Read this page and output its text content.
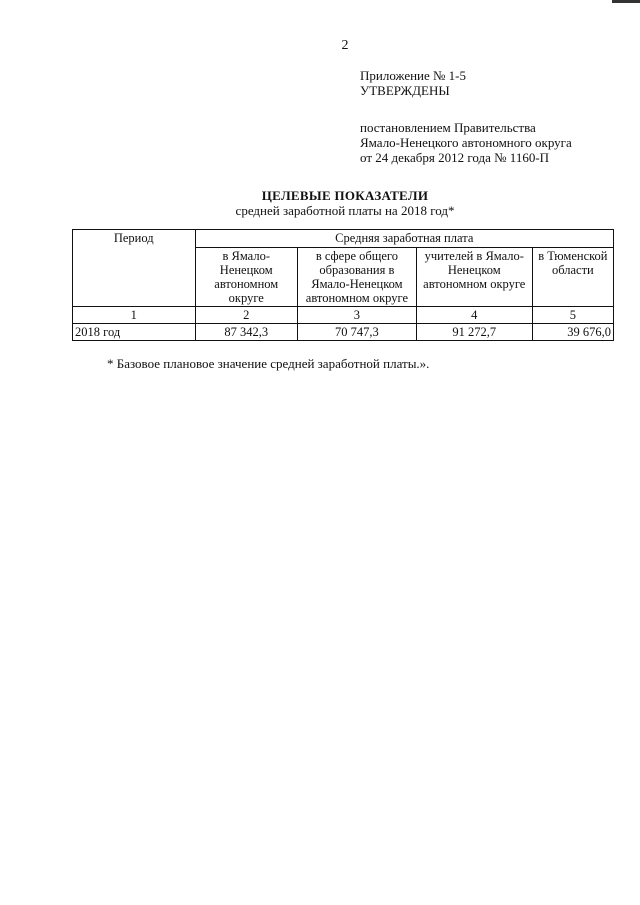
2
Приложение № 1-5
УТВЕРЖДЕНЫ
постановлением Правительства
Ямало-Ненецкого автономного округа
от 24 декабря 2012 года № 1160-П
ЦЕЛЕВЫЕ ПОКАЗАТЕЛИ
средней заработной платы на 2018 год*
Период	Средняя заработная плата			
	в Ямало-Ненецком автономном округе	в сфере общего образования в Ямало-Ненецком автономном округе	учителей в Ямало-Ненецком автономном округе	в Тюменской области
1	2	3	4	5
2018 год	87 342,3	70 747,3	91 272,7	39 676,0
* Базовое плановое значение средней заработной платы.».
